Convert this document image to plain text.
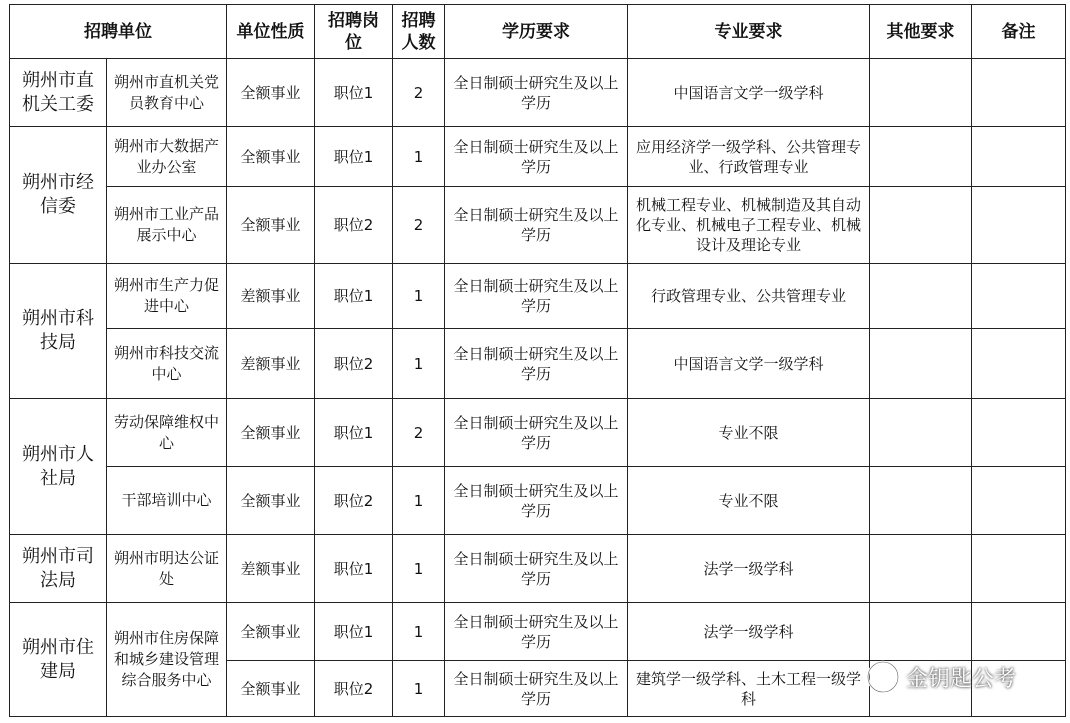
招聘单位		单位性质	招聘岗位	招聘人数	学历要求	专业要求	其他要求	备注
朔州市直机关工委	朔州市直机关党员教育中心	全额事业	职位1	2	全日制硕士研究生及以上学历	中国语言文学一级学科		
朔州市经信委	朔州市大数据产业办公室	全额事业	职位1	1	全日制硕士研究生及以上学历	应用经济学一级学科、公共管理专业、行政管理专业		
	朔州市工业产品展示中心	全额事业	职位2	2	全日制硕士研究生及以上学历	机械工程专业、机械制造及其自动化专业、机械电子工程专业、机械设计及理论专业		
朔州市科技局	朔州市生产力促进中心	差额事业	职位1	1	全日制硕士研究生及以上学历	行政管理专业、公共管理专业		
	朔州市科技交流中心	差额事业	职位2	1	全日制硕士研究生及以上学历	中国语言文学一级学科		
朔州市人社局	劳动保障维权中心	全额事业	职位1	2	全日制硕士研究生及以上学历	专业不限		
	干部培训中心	全额事业	职位2	1	全日制硕士研究生及以上学历	专业不限		
朔州市司法局	朔州市明达公证处	差额事业	职位1	1	全日制硕士研究生及以上学历	法学一级学科		
朔州市住建局	朔州市住房保障和城乡建设管理综合服务中心	全额事业	职位1	1	全日制硕士研究生及以上学历	法学一级学科		
		全额事业	职位2	1	全日制硕士研究生及以上学历	建筑学一级学科、土木工程一级学科		
金钥匙公考
